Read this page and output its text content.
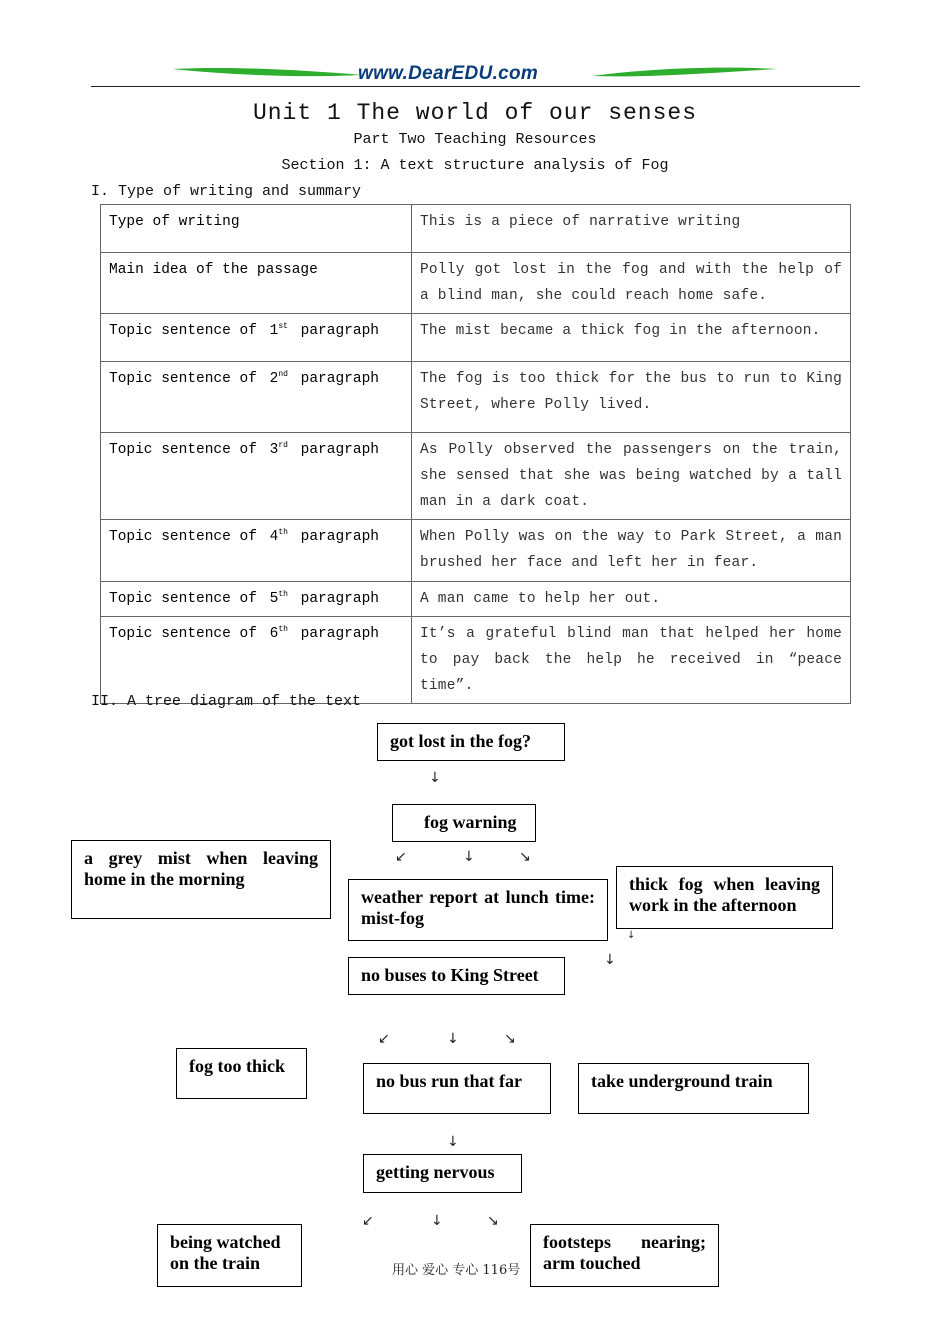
www.DearEDU.com
Unit 1 The world of our senses
Part Two Teaching Resources
Section 1: A text structure analysis of Fog
I. Type of writing and summary
Type of writing	This is a piece of narrative writing
Main idea of the passage	Polly got lost in the fog and with the help of a blind man, she could reach home safe.

Topic sentence of 1st paragraph	The mist became a thick fog in the afternoon.

Topic sentence of 2nd paragraph	The fog is too thick for the bus to run to King Street, where Polly lived.

Topic sentence of 3rd paragraph	As Polly observed the passengers on the train, she sensed that she was being watched by a tall man in a dark coat.

Topic sentence of 4th paragraph	When Polly was on the way to Park Street, a man brushed her face and left her in fear.

Topic sentence of 5th paragraph	A man came to help her out.

Topic sentence of 6th paragraph	It’s a grateful blind man that helped her home to pay back the help he received in “peace time”.
II. A tree diagram of the text
got lost in the fog?
↓
fog warning
↙	↓	↘
a grey mist when leaving home in the morning
weather report at lunch time: mist-fog
thick fog when leaving work in the afternoon
↓
↓
no buses to King Street
↙	↓	↘
fog too thick
no bus run that far	take underground train
↓
getting nervous
↙	↓	↘
being watched on the train
footsteps nearing; arm touched
用心 爱心 专心 116号
